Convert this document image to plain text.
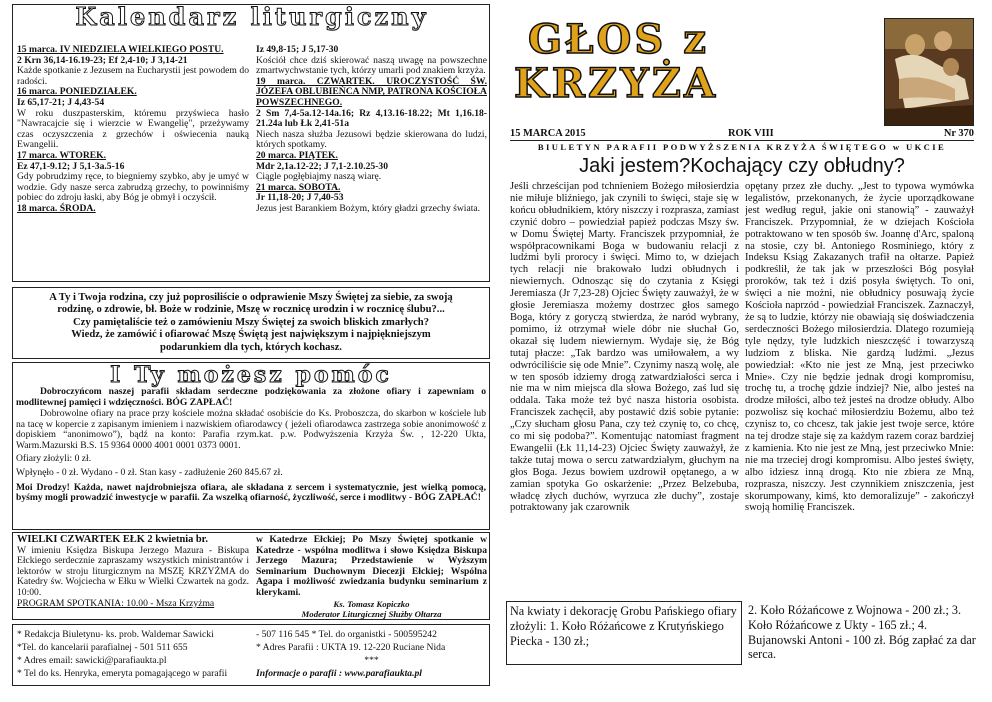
Kalendarz liturgiczny

15 marca. IV NIEDZIELA WIELKIEGO POSTU.

2 Krn 36,14-16.19-23; Ef 2,4-10; J 3,14-21

Każde spotkanie z Jezusem na Eucharystii jest powodem do radości.

16 marca. PONIEDZIAŁEK.

Iz 65,17-21; J 4,43-54

W roku duszpasterskim, któremu przyświeca hasło "Nawracajcie się i wierzcie w Ewangelię", przeżywamy czas oczyszczenia z grzechów i oświecenia nauką Ewangelii.

17 marca. WTOREK.

Ez 47,1-9.12; J 5,1-3a.5-16

Gdy pobrudzimy ręce, to biegniemy szybko, aby je umyć w wodzie. Gdy nasze serca zabrudzą grzechy, to powinniśmy pobiec do zdroju łaski, aby Bóg je obmył i oczyścił.

18 marca. ŚRODA.

Iz 49,8-15; J 5,17-30

Kościół chce dziś skierować naszą uwagę na powszechne zmartwychwstanie tych, którzy umarli pod znakiem krzyża.

19 marca. CZWARTEK. UROCZYSTOŚĆ ŚW. JÓZEFA OBLUBIEŃCA NMP, PATRONA KOŚCIOŁA POWSZECHNEGO.

2 Sm 7,4-5a.12-14a.16; Rz 4,13.16-18.22; Mt 1,16.18-21.24a lub Łk 2,41-51a

Niech nasza służba Jezusowi będzie skierowana do ludzi, których spotkamy.

20 marca. PIĄTEK.

Mdr 2,1a.12-22; J 7,1-2.10.25-30

Ciągle pogłębiajmy naszą wiarę.

21 marca. SOBOTA.

Jr 11,18-20; J 7,40-53

Jezus jest Barankiem Bożym, który gładzi grzechy świata.

A Ty i Twoja rodzina, czy już poprosiliście o odprawienie Mszy Świętej za siebie, za swoją
rodzinę, o zdrowie, bł. Boże w rodzinie, Mszę w rocznicę urodzin i w rocznicę ślubu?...
Czy pamiętaliście też o zamówieniu Mszy Świętej za swoich bliskich zmarłych?
Wiedz, że zamówić i ofiarować Mszę Świętą jest największym i najpiękniejszym
podarunkiem dla tych, których kochasz.
I Ty możesz pomóc

Dobroczyńcom naszej parafii składam serdeczne podziękowania za złożone ofiary i zapewniam o modlitewnej pamięci i wdzięczności. BÓG ZAPŁAĆ!

Dobrowolne ofiary na prace przy kościele można składać osobiście do Ks. Proboszcza, do skarbon w kościele lub na tacę w kopercie z zapisanym imieniem i nazwiskiem ofiarodawcy ( jeżeli ofiarodawca zastrzega sobie anonimowość z dopiskiem “anonimowo”), bądź na konto: Parafia rzym.kat. p.w. Podwyższenia Krzyża Św. , 12-220 Ukta, Warm.Mazurski B.S. 15 9364 0000 4001 0001 0373 0001.

Ofiary złożyli: 0 zł.

Wpłynęło - 0 zł. Wydano - 0 zł. Stan kasy - zadłużenie 260 845.67 zł.

Moi Drodzy! Każda, nawet najdrobniejsza ofiara, ale składana z sercem i systematycznie, jest wielką pomocą, byśmy mogli prowadzić inwestycje w parafii. Za wszelką ofiarność, życzliwość, serce i modlitwy - BÓG ZAPŁAĆ!

WIELKI CZWARTEK EŁK 2 kwietnia br.

W imieniu Księdza Biskupa Jerzego Mazura - Biskupa Ełckiego serdecznie zapraszamy wszystkich ministrantów i lektorów w stroju liturgicznym na MSZĘ KRZYŻMA do Katedry św. Wojciecha w Ełku w Wielki Czwartek na godz. 10:00.

PROGRAM SPOTKANIA: 10.00 - Msza Krzyżma

w Katedrze Ełckiej; Po Mszy Świętej spotkanie w Katedrze - wspólna modlitwa i słowo Księdza Biskupa Jerzego Mazura; Przedstawienie w Wyższym Seminarium Duchownym Diecezji Ełckiej; Wspólna Agapa i możliwość zwiedzania budynku seminarium z klerykami.

Ks. Tomasz Kopiczko

Moderator Liturgicznej Służby Ołtarza

* Redakcja Biuletynu- ks. prob. Waldemar Sawicki
*Tel. do kancelarii parafialnej - 501 511 655
* Adres email: sawicki@parafiaukta.pl
* Tel do ks. Henryka, emeryta pomagającego w parafii
- 507 116 545 * Tel. do organistki - 500595242
* Adres Parafii : UKTA 19. 12-220 Ruciane Nida
***
Informacje o parafii : www.parafiaukta.pl
GŁOS z
KRZYŻA
15 MARCA 2015	ROK VIII	Nr 370
BIULETYN PARAFII PODWYŻSZENIA KRZYŻA ŚWIĘTEGO w UKCIE
Jaki jestem?Kochający czy obłudny?

Jeśli chrześcijan pod tchnieniem Bożego miłosierdzia nie miłuje bliźniego, jak czynili to święci, staje się w końcu obłudnikiem, który niszczy i rozprasza, zamiast czynić dobro – powiedział papież podczas Mszy św. w Domu Świętej Marty. Franciszek przypomniał, że współpracownikami Boga w budowaniu relacji z ludźmi byli prorocy i święci. Mimo to, w dziejach tych relacji nie brakowało ludzi obłudnych i niewiernych. Odnosząc się do czytania z Księgi Jeremiasza (Jr 7,23-28) Ojciec Święty zauważył, że w głosie Jeremiasza możemy dostrzec głos samego Boga, który z goryczą stwierdza, że naród wybrany, pomimo, iż otrzymał wiele dóbr nie słuchał Go, okazał się ludem niewiernym. Wydaje się, że Bóg tutaj płacze: „Tak bardzo was umiłowałem, a wy odwróciliście się ode Mnie”. Czynimy naszą wolę, ale w ten sposób idziemy drogą zatwardziałości serca i nie ma w nim miejsca dla słowa Bożego, zaś lud się oddala. Taka może też być nasza historia osobista. Franciszek zachęcił, aby postawić dziś sobie pytanie: „Czy słucham głosu Pana, czy też czynię to, co chcę, co mi się podoba?”. Komentując natomiast fragment Ewangelii (Łk 11,14-23) Ojciec Święty zauważył, że także tutaj mowa o sercu zatwardziałym, głuchym na głos Boga. Jezus bowiem uzdrowił opętanego, a w zamian spotyka Go oskarżenie: „Przez Belzebuba, władcę złych duchów, wyrzuca złe duchy”, zostaje potraktowany jak czarownik

opętany przez złe duchy. „Jest to typowa wymówka legalistów, przekonanych, że życie uporządkowane jest według reguł, jakie oni stanowią” - zauważył Franciszek. Przypomniał, że w dziejach Kościoła potraktowano w ten sposób św. Joannę d'Arc, spaloną na stosie, czy bł. Antoniego Rosminiego, który z Indeksu Ksiąg Zakazanych trafił na ołtarze. Papież podkreślił, że tak jak w przeszłości Bóg posyłał proroków, tak też i dziś posyła świętych. To oni, święci a nie możni, nie obłudnicy posuwają życie Kościoła naprzód - powiedział Franciszek. Zaznaczył, że są to ludzie, którzy nie obawiają się doświadczenia serdeczności Bożego miłosierdzia. Dlatego rozumieją tyle nędzy, tyle ludzkich nieszczęść i towarzyszą ludziom z bliska. Nie gardzą ludźmi. „Jezus powiedział: «Kto nie jest ze Mną, jest przeciwko Mnie». Czy nie będzie jednak drogi kompromisu, trochę tu, a trochę gdzie indziej? Nie, albo jesteś na drodze miłości, albo też jesteś na drodze obłudy. Albo pozwolisz się kochać miłosierdziu Bożemu, albo też czynisz to, co chcesz, tak jakie jest twoje serce, które na tej drodze staje się za każdym razem coraz bardziej z kamienia. Kto nie jest ze Mną, jest przeciwko Mnie: nie ma trzeciej drogi kompromisu. Albo jesteś święty, albo idziesz inną drogą. Kto nie zbiera ze Mną, rozprasza, niszczy. Jest czynnikiem zniszczenia, jest skorumpowany, kimś, kto demoralizuje” - zakończył swoją homilię Franciszek.

Na kwiaty i dekorację Grobu Pańskiego ofiary złożyli: 1. Koło Różańcowe z Krutyńskiego Piecka - 130 zł.;

2. Koło Różańcowe z Wojnowa - 200 zł.; 3. Koło Różańcowe z Ukty - 165 zł.; 4. Bujanowski Antoni - 100 zł. Bóg zapłać za dar serca.
